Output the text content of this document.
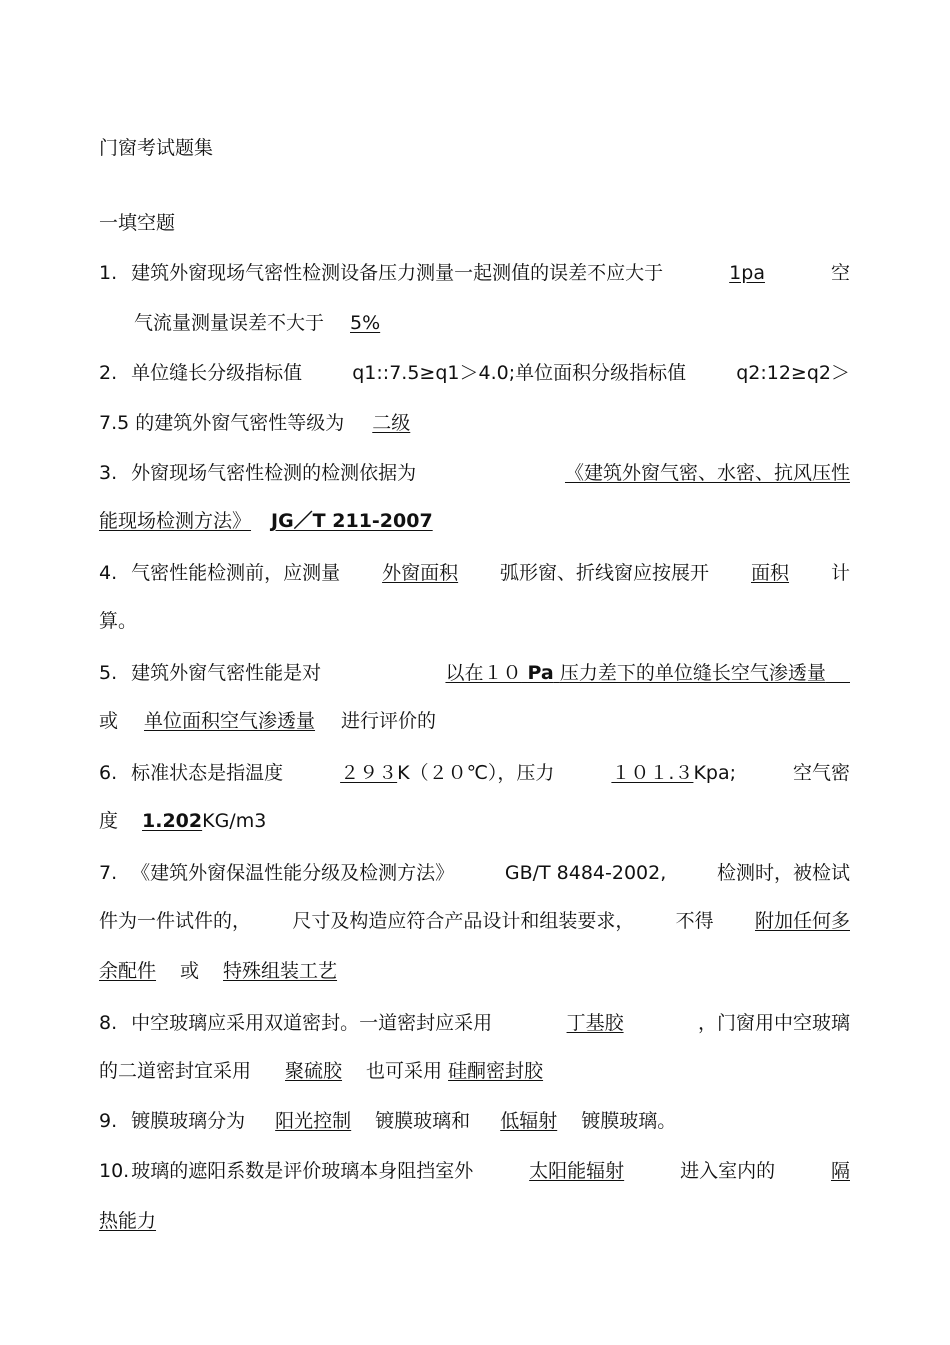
门窗考试题集
一填空题
1. 建筑外窗现场气密性检测设备压力测量一起测值的误差不应大于	1pa	空
气流量测量误差不大于 5%
2. 单位缝长分级指标值	q1::7.5≥q1＞4.0;单位面积分级指标值	q2:12≥q2＞
7.5 的建筑外窗气密性等级为 二级
3. 外窗现场气密性检测的检测依据为	《建筑外窗气密、水密、抗风压性
能现场检测方法》	JG／T 211-2007
4. 气密性能检测前，应测量 外窗面积 弧形窗、折线窗应按展开 面积 计
算。
5. 建筑外窗气密性能是对	以在１０ Pa 压力差下的单位缝长空气渗透量
或 单位面积空气渗透量 进行评价的
6. 标准状态是指温度	２９３K（２０℃），压力	１０１.３Kpa;	空气密
度 1.202 KG/m3
7. 《建筑外窗保温性能分级及检测方法》	GB/T 8484-2002,	检测时，被检试
件为一件试件的， 尺寸及构造应符合产品设计和组装要求， 不得 附加任何多
余配件 或 特殊组装工艺
8. 中空玻璃应采用双道密封。一道密封应采用	丁基胶	，门窗用中空玻璃
的二道密封宜采用 聚硫胶 也可采用 硅酮密封胶
9. 镀膜玻璃分为 阳光控制 镀膜玻璃和 低辐射 镀膜玻璃。
10. 玻璃的遮阳系数是评价玻璃本身阻挡室外	太阳能辐射	进入室内的	隔
热能力
